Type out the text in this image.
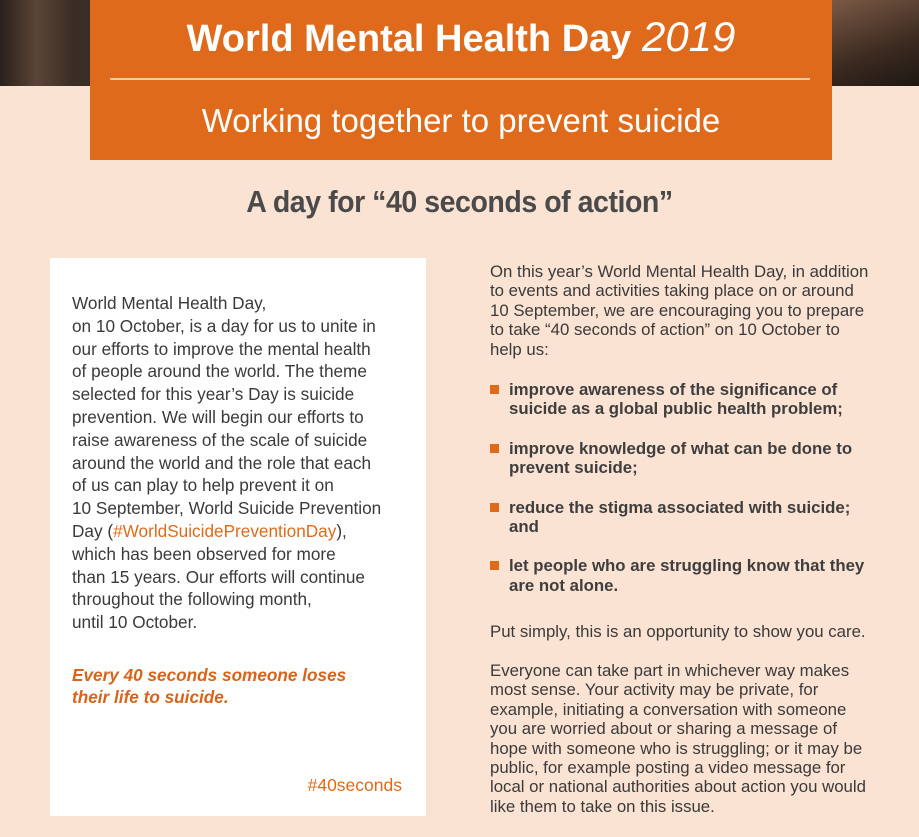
World Mental Health Day 2019
Working together to prevent suicide
A day for “40 seconds of action”
World Mental Health Day,
on 10 October, is a day for us to unite in
our efforts to improve the mental health
of people around the world. The theme
selected for this year’s Day is suicide
prevention. We will begin our efforts to
raise awareness of the scale of suicide
around the world and the role that each
of us can play to help prevent it on
10 September, World Suicide Prevention
Day (#WorldSuicidePreventionDay),
which has been observed for more
than 15 years. Our efforts will continue
throughout the following month,
until 10 October.
Every 40 seconds someone loses
their life to suicide.
#40seconds
On this year’s World Mental Health Day, in addition
to events and activities taking place on or around
10 September, we are encouraging you to prepare
to take “40 seconds of action” on 10 October to
help us:
improve awareness of the significance of
suicide as a global public health problem;
improve knowledge of what can be done to
prevent suicide;
reduce the stigma associated with suicide;
and
let people who are struggling know that they
are not alone.
Put simply, this is an opportunity to show you care.
Everyone can take part in whichever way makes
most sense. Your activity may be private, for
example, initiating a conversation with someone
you are worried about or sharing a message of
hope with someone who is struggling; or it may be
public, for example posting a video message for
local or national authorities about action you would
like them to take on this issue.
